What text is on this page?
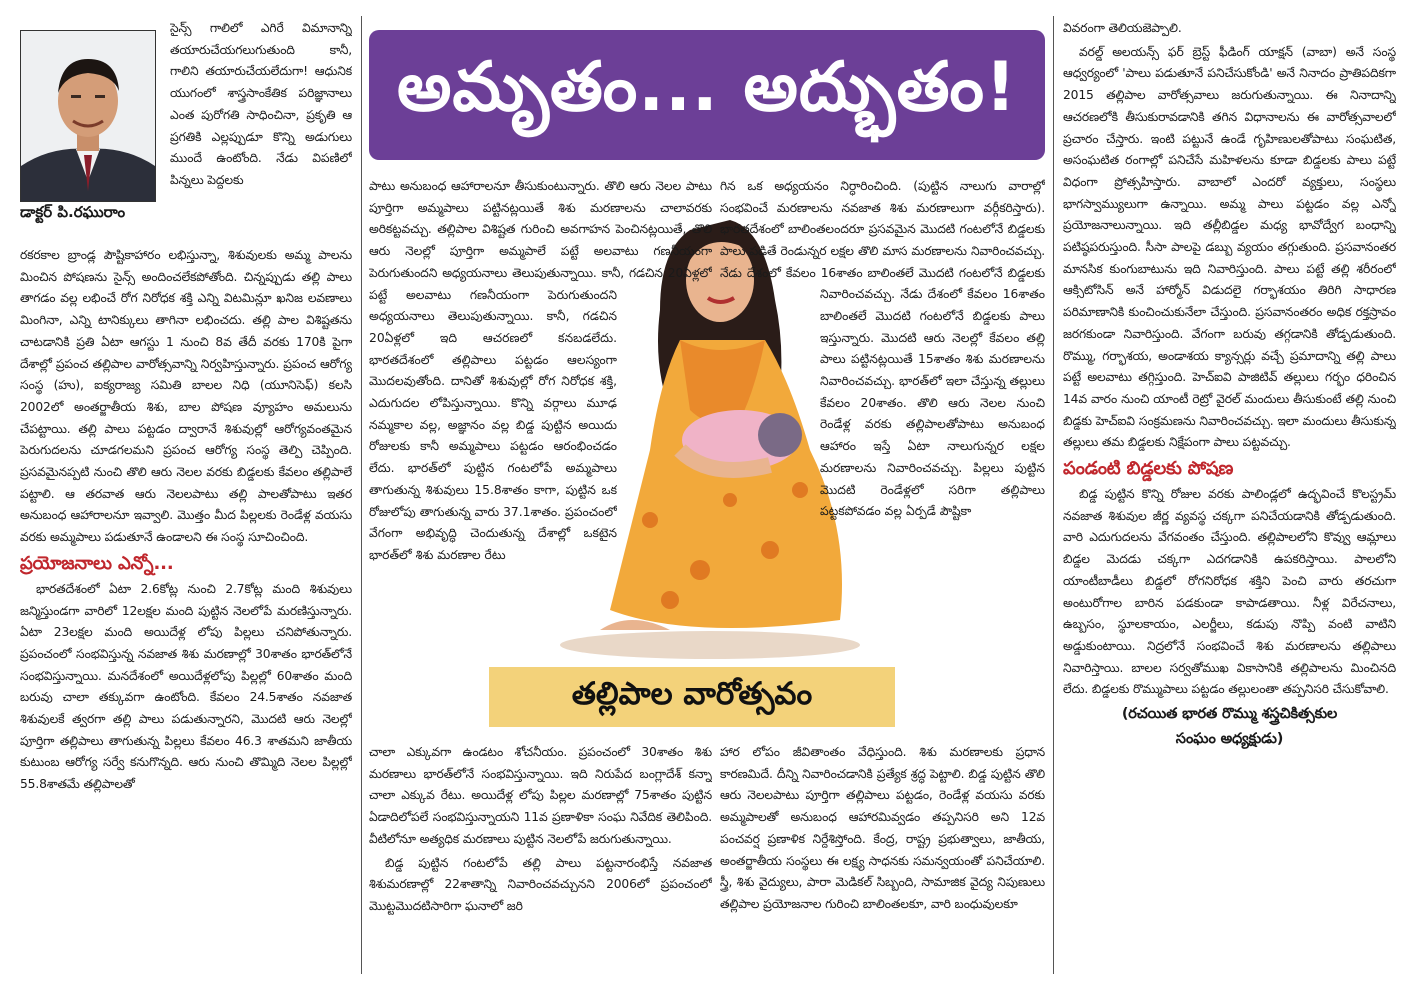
డాక్టర్ పి.రఘురాం

సైన్స్ గాలిలో ఎగిరే విమానాన్ని తయారుచేయగలుగుతుంది కానీ, గాలిని తయారుచేయలేదుగా! ఆధునిక యుగంలో శాస్త్రసాంకేతిక పరిజ్ఞానాలు ఎంత పురోగతి సాధించినా, ప్రకృతి ఆ ప్రగతికి ఎల్లప్పుడూ కొన్ని అడుగులు ముందే ఉంటోంది. నేడు విపణిలో పిన్నలు పెద్దలకు

రకరకాల బ్రాండ్ల పౌష్టికాహారం లభిస్తున్నా, శిశువులకు అమ్మ పాలను మించిన పోషణను సైన్స్ అందించలేకపోతోంది. చిన్నప్పుడు తల్లి పాలు తాగడం వల్ల లభించే రోగ నిరోధక శక్తి ఎన్ని విటమిన్లూ ఖనిజ లవణాలు మింగినా, ఎన్ని టానిక్కులు తాగినా లభించదు. తల్లి పాల విశిష్టతను చాటడానికి ప్రతి ఏటా ఆగస్టు 1 నుంచి 8వ తేదీ వరకు 170కి పైగా దేశాల్లో ప్రపంచ తల్లిపాల వారోత్సవాన్ని నిర్వహిస్తున్నారు. ప్రపంచ ఆరోగ్య సంస్థ (హు), ఐక్యరాజ్య సమితి బాలల నిధి (యూనిసెఫ్) కలసి 2002లో అంతర్జాతీయ శిశు, బాల పోషణ వ్యూహం అమలును చేపట్టాయి. తల్లి పాలు పట్టడం ద్వారానే శిశువుల్లో ఆరోగ్యవంతమైన పెరుగుదలను చూడగలమని ప్రపంచ ఆరోగ్య సంస్థ తెల్పి చెప్పింది. ప్రసవమైనప్పటి నుంచి తొలి ఆరు నెలల వరకు బిడ్డలకు కేవలం తల్లిపాలే పట్టాలి. ఆ తరవాత ఆరు నెలలపాటు తల్లి పాలతోపాటు ఇతర అనుబంధ ఆహారాలనూ ఇవ్వాలి. మొత్తం మీద పిల్లలకు రెండేళ్ల వయసు వరకు అమ్మపాలు పడుతూనే ఉండాలని ఈ సంస్థ సూచించింది.

ప్రయోజనాలు ఎన్నో...

భారతదేశంలో ఏటా 2.6కోట్ల నుంచి 2.7కోట్ల మంది శిశువులు జన్మిస్తుండగా వారిలో 12లక్షల మంది పుట్టిన నెలలోపే మరణిస్తున్నారు. ఏటా 23లక్షల మంది అయిదేళ్ల లోపు పిల్లలు చనిపోతున్నారు. ప్రపంచంలో సంభవిస్తున్న నవజాత శిశు మరణాల్లో 30శాతం భారత్‌లోనే సంభవిస్తున్నాయి. మనదేశంలో అయిదేళ్లలోపు పిల్లల్లో 60శాతం మంది బరువు చాలా తక్కువగా ఉంటోంది. కేవలం 24.5శాతం నవజాత శిశువులకే త్వరగా తల్లి పాలు పడుతున్నారని, మొదటి ఆరు నెలల్లో పూర్తిగా తల్లిపాలు తాగుతున్న పిల్లలు కేవలం 46.3 శాతమని జాతీయ కుటుంబ ఆరోగ్య సర్వే కనుగొన్నది. ఆరు నుంచి తొమ్మిది నెలల పిల్లల్లో 55.8శాతమే తల్లిపాలతో

అమృతం... అద్భుతం!

పాటు అనుబంధ ఆహారాలనూ తీసుకుంటున్నారు. తొలి ఆరు నెలల పాటు పూర్తిగా అమ్మపాలు పట్టినట్లయితే శిశు మరణాలను చాలావరకు అరికట్టవచ్చు. తల్లిపాల విశిష్టత గురించి అవగాహన పెంచినట్లయితే, తొలి ఆరు నెలల్లో పూర్తిగా అమ్మపాలే పట్టే అలవాటు గణనీయంగా పెరుగుతుందని అధ్యయనాలు తెలుపుతున్నాయి. కానీ, గడచిన 20ఏళ్లలో

పట్టే అలవాటు గణనీయంగా పెరుగుతుందని అధ్యయనాలు తెలుపుతున్నాయి. కానీ, గడచిన 20ఏళ్లలో ఇది ఆచరణలో కనబడలేదు. భారతదేశంలో తల్లిపాలు పట్టడం ఆలస్యంగా మొదలవుతోంది. దానితో శిశువుల్లో రోగ నిరోధక శక్తి, ఎదుగుదల లోపిస్తున్నాయి. కొన్ని వర్గాలు మూఢ నమ్మకాల వల్ల, అజ్ఞానం వల్ల బిడ్డ పుట్టిన అయిదు రోజులకు కానీ అమ్మపాలు పట్టడం ఆరంభించడం లేదు. భారత్‌లో పుట్టిన గంటలోపే అమ్మపాలు తాగుతున్న శిశువులు 15.8శాతం కాగా, పుట్టిన ఒక రోజులోపు తాగుతున్న వారు 37.1శాతం. ప్రపంచంలో వేగంగా అభివృద్ధి చెందుతున్న దేశాల్లో ఒకటైన భారత్‌లో శిశు మరణాల రేటు

చాలా ఎక్కువగా ఉండటం శోచనీయం. ప్రపంచంలో 30శాతం శిశు మరణాలు భారత్‌లోనే సంభవిస్తున్నాయి. ఇది నిరుపేద బంగ్లాదేశ్ కన్నా చాలా ఎక్కువ రేటు. అయిదేళ్ల లోపు పిల్లల మరణాల్లో 75శాతం పుట్టిన ఏడాదిలోపలే సంభవిస్తున్నాయని 11వ ప్రణాళికా సంఘ నివేదిక తెలిపింది. వీటిలోనూ అత్యధిక మరణాలు పుట్టిన నెలలోపే జరుగుతున్నాయి.

బిడ్డ పుట్టిన గంటలోపే తల్లి పాలు పట్టనారంభిస్తే నవజాత శిశుమరణాల్లో 22శాతాన్ని నివారించవచ్చునని 2006లో ప్రపంచంలో మొట్టమొదటిసారిగా ఘనాలో జరి

గిన ఒక అధ్యయనం నిర్ధారించింది. (పుట్టిన నాలుగు వారాల్లో సంభవించే మరణాలను నవజాత శిశు మరణాలుగా వర్గీకరిస్తారు). భారతదేశంలో బాలింతలందరూ ప్రసవమైన మొదటి గంటలోనే బిడ్డలకు పాలు పడితే రెండున్నర లక్షల తొలి మాస మరణాలను నివారించవచ్చు. నేడు దేశంలో కేవలం 16శాతం బాలింతలే మొదటి గంటలోనే బిడ్డలకు

నివారించవచ్చు. నేడు దేశంలో కేవలం 16శాతం బాలింతలే మొదటి గంటలోనే బిడ్డలకు పాలు ఇస్తున్నారు. మొదటి ఆరు నెలల్లో కేవలం తల్లి పాలు పట్టినట్లయితే 15శాతం శిశు మరణాలను నివారించవచ్చు. భారత్‌లో ఇలా చేస్తున్న తల్లులు కేవలం 20శాతం. తొలి ఆరు నెలల నుంచి రెండేళ్ల వరకు తల్లిపాలతోపాటు అనుబంధ ఆహారం ఇస్తే ఏటా నాలుగున్నర లక్షల మరణాలను నివారించవచ్చు. పిల్లలు పుట్టిన మొదటి రెండేళ్లలో సరిగా తల్లిపాలు పట్టకపోవడం వల్ల ఏర్పడే పౌష్టికా

హార లోపం జీవితాంతం వేధిస్తుంది. శిశు మరణాలకు ప్రధాన కారణమిదే. దీన్ని నివారించడానికి ప్రత్యేక శ్రద్ధ పెట్టాలి. బిడ్డ పుట్టిన తొలి ఆరు నెలలపాటు పూర్తిగా తల్లిపాలు పట్టడం, రెండేళ్ల వయసు వరకు అమ్మపాలతో అనుబంధ ఆహారమివ్వడం తప్పనిసరి అని 12వ పంచవర్ష ప్రణాళిక నిర్దేశిస్తోంది. కేంద్ర, రాష్ట్ర ప్రభుత్వాలు, జాతీయ, అంతర్జాతీయ సంస్థలు ఈ లక్ష్య సాధనకు సమన్వయంతో పనిచేయాలి. స్త్రీ, శిశు వైద్యులు, పారా మెడికల్ సిబ్బంది, సామాజిక వైద్య నిపుణులు తల్లిపాల ప్రయోజనాల గురించి బాలింతలకూ, వారి బంధువులకూ

తల్లిపాల వారోత్సవం

వివరంగా తెలియజెప్పాలి.

వరల్డ్ అలయన్స్ ఫర్ బ్రెస్ట్ ఫీడింగ్ యాక్షన్ (వాబా) అనే సంస్థ ఆధ్వర్యంలో 'పాలు పడుతూనే పనిచేసుకోండి' అనే నినాదం ప్రాతిపదికగా 2015 తల్లిపాల వారోత్సవాలు జరుగుతున్నాయి. ఈ నినాదాన్ని ఆచరణలోకి తీసుకురావడానికి తగిన విధానాలను ఈ వారోత్సవాలలో ప్రచారం చేస్తారు. ఇంటి పట్టునే ఉండే గృహిణులతోపాటు సంఘటిత, అసంఘటిత రంగాల్లో పనిచేసే మహిళలను కూడా బిడ్డలకు పాలు పట్టే విధంగా ప్రోత్సహిస్తారు. వాబాలో ఎందరో వ్యక్తులు, సంస్థలు భాగస్వామ్యులుగా ఉన్నాయి. అమ్మ పాలు పట్టడం వల్ల ఎన్నో ప్రయోజనాలున్నాయి. ఇది తల్లీబిడ్డల మధ్య భావోద్వేగ బంధాన్ని పటిష్ఠపరుస్తుంది. సీసా పాలపై డబ్బు వ్యయం తగ్గుతుంది. ప్రసవానంతర మానసిక కుంగుబాటును ఇది నివారిస్తుంది. పాలు పట్టే తల్లి శరీరంలో ఆక్సిటోసిన్ అనే హార్మోన్ విడుదలై గర్భాశయం తిరిగి సాధారణ పరిమాణానికి కుంచించుకునేలా చేస్తుంది. ప్రసవానంతరం అధిక రక్తస్రావం జరగకుండా నివారిస్తుంది. వేగంగా బరువు తగ్గడానికి తోడ్పడుతుంది. రొమ్ము, గర్భాశయ, అండాశయ క్యాన్సర్లు వచ్చే ప్రమాదాన్ని తల్లి పాలు పట్టే అలవాటు తగ్గిస్తుంది. హెచ్ఐవి పాజిటివ్ తల్లులు గర్భం ధరించిన 14వ వారం నుంచి యాంటీ రెట్రో వైరల్ మందులు తీసుకుంటే తల్లి నుంచి బిడ్డకు హెచ్ఐవి సంక్రమణను నివారించవచ్చు. ఇలా మందులు తీసుకున్న తల్లులు తమ బిడ్డలకు నిక్షేపంగా పాలు పట్టవచ్చు.

పండంటి బిడ్డలకు పోషణ

బిడ్డ పుట్టిన కొన్ని రోజుల వరకు పాలిండ్లలో ఉద్భవించే కొలస్ట్రమ్ నవజాత శిశువుల జీర్ణ వ్యవస్థ చక్కగా పనిచేయడానికి తోడ్పడుతుంది. వారి ఎదుగుదలను వేగవంతం చేస్తుంది. తల్లిపాలలోని కొవ్వు ఆమ్లాలు బిడ్డల మెదడు చక్కగా ఎదగడానికి ఉపకరిస్తాయి. పాలలోని యాంటీబాడీలు బిడ్డలో రోగనిరోధక శక్తిని పెంచి వారు తరచుగా అంటురోగాల బారిన పడకుండా కాపాడతాయి. నీళ్ల విరేచనాలు, ఉబ్బసం, స్థూలకాయం, ఎలర్జీలు, కడుపు నొప్పి వంటి వాటిని అడ్డుకుంటాయి. నిద్రలోనే సంభవించే శిశు మరణాలను తల్లిపాలు నివారిస్తాయి. బాలల సర్వతోముఖ వికాసానికి తల్లిపాలను మించినది లేదు. బిడ్డలకు రొమ్ముపాలు పట్టడం తల్లులంతా తప్పనిసరి చేసుకోవాలి.

(రచయిత భారత రొమ్ము శస్త్రచికిత్సకుల

సంఘం అధ్యక్షుడు)
